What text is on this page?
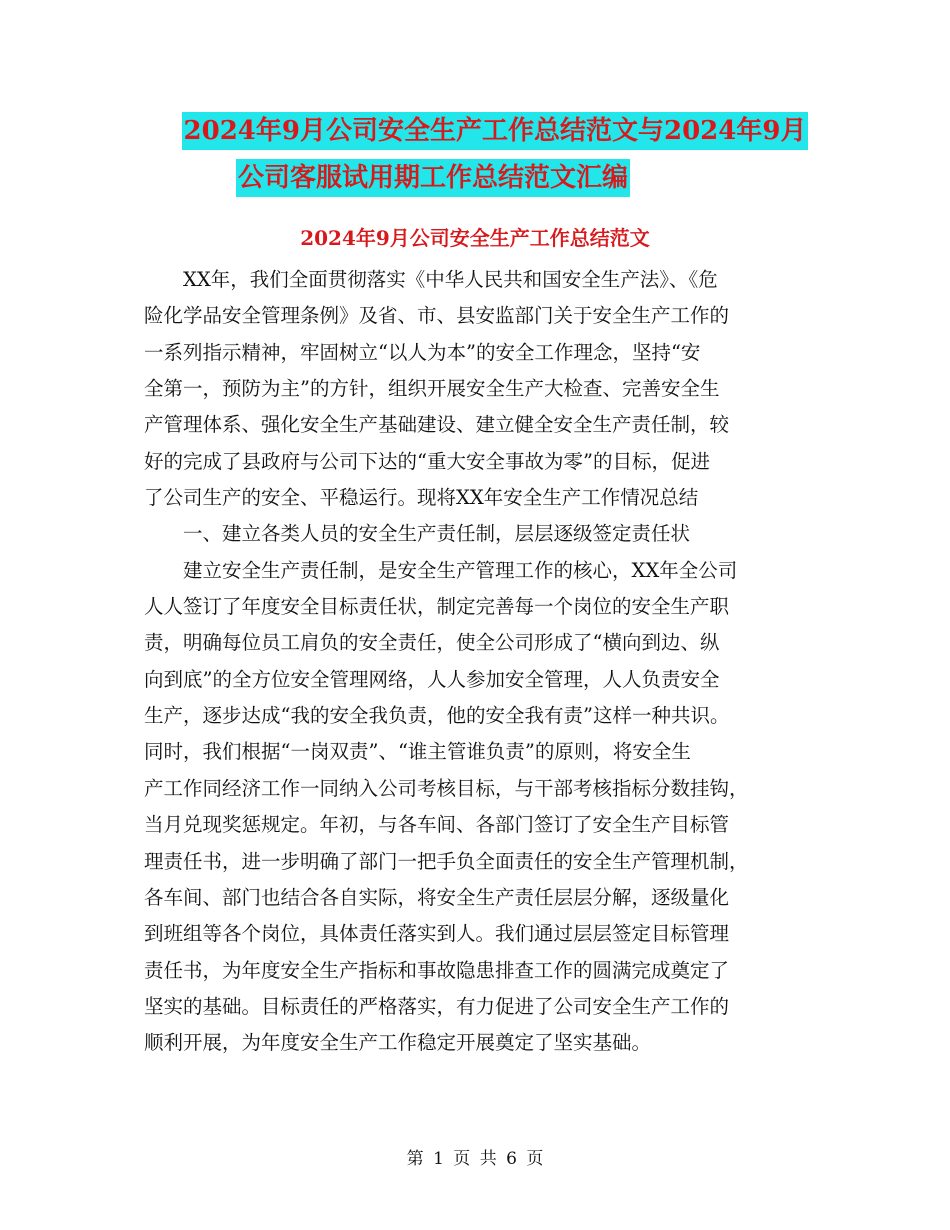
2024年9月公司安全生产工作总结范文与2024年9月
公司客服试用期工作总结范文汇编
2024年9月公司安全生产工作总结范文
XX年，我们全面贯彻落实《中华人民共和国安全生产法》、《危
险化学品安全管理条例》及省、市、县安监部门关于安全生产工作的
一系列指示精神，牢固树立“以人为本”的安全工作理念，坚持“安
全第一，预防为主”的方针，组织开展安全生产大检查、完善安全生
产管理体系、强化安全生产基础建设、建立健全安全生产责任制，较
好的完成了县政府与公司下达的“重大安全事故为零”的目标，促进
了公司生产的安全、平稳运行。现将XX年安全生产工作情况总结
一、建立各类人员的安全生产责任制，层层逐级签定责任状
建立安全生产责任制，是安全生产管理工作的核心，XX年全公司
人人签订了年度安全目标责任状，制定完善每一个岗位的安全生产职
责，明确每位员工肩负的安全责任，使全公司形成了“横向到边、纵
向到底”的全方位安全管理网络，人人参加安全管理，人人负责安全
生产，逐步达成“我的安全我负责，他的安全我有责”这样一种共识。
同时，我们根据“一岗双责”、“谁主管谁负责”的原则，将安全生
产工作同经济工作一同纳入公司考核目标，与干部考核指标分数挂钩，
当月兑现奖惩规定。年初，与各车间、各部门签订了安全生产目标管
理责任书，进一步明确了部门一把手负全面责任的安全生产管理机制，
各车间、部门也结合各自实际，将安全生产责任层层分解，逐级量化
到班组等各个岗位，具体责任落实到人。我们通过层层签定目标管理
责任书，为年度安全生产指标和事故隐患排查工作的圆满完成奠定了
坚实的基础。目标责任的严格落实，有力促进了公司安全生产工作的
顺利开展，为年度安全生产工作稳定开展奠定了坚实基础。
第 1 页 共 6 页
